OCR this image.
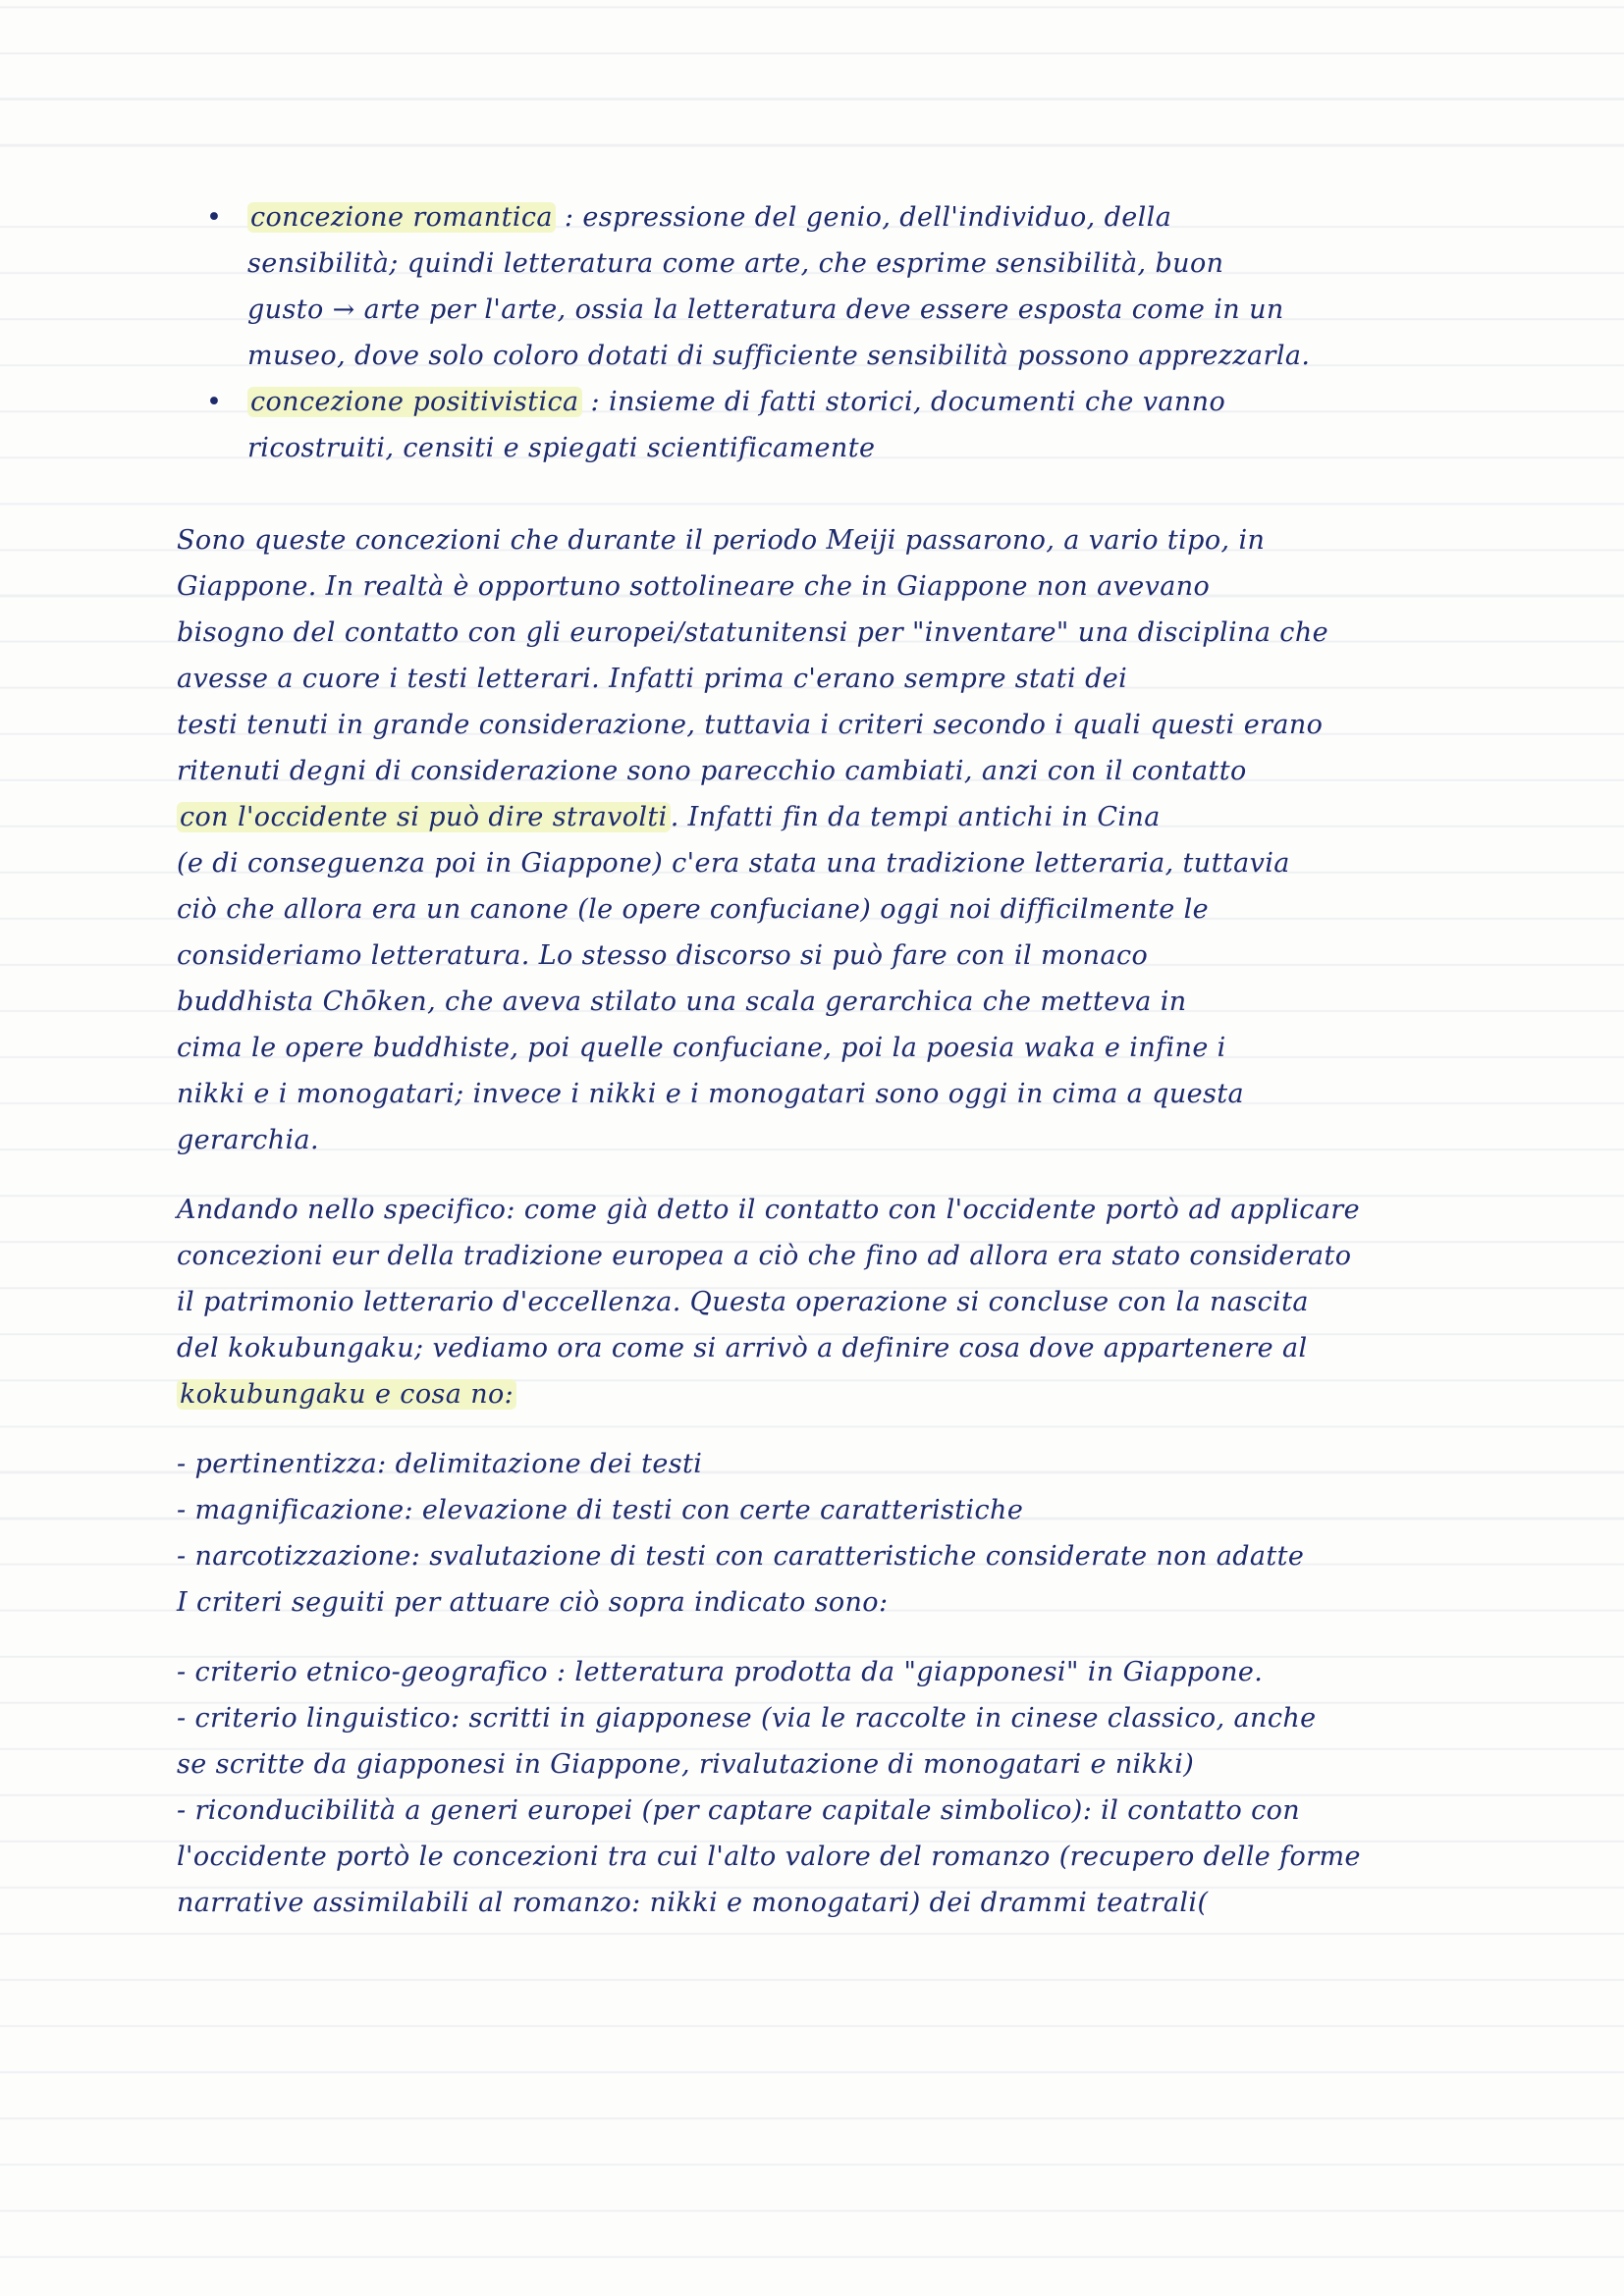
• concezione romantica : espressione del genio, dell'individuo, della
sensibilità; quindi letteratura come arte, che esprime sensibilità, buon
gusto → arte per l'arte, ossia la letteratura deve essere esposta come in un
museo, dove solo coloro dotati di sufficiente sensibilità possono apprezzarla.
• concezione positivistica : insieme di fatti storici, documenti che vanno
ricostruiti, censiti e spiegati scientificamente
Sono queste concezioni che durante il periodo Meiji passarono, a vario tipo, in
Giappone. In realtà è opportuno sottolineare che in Giappone non avevano
bisogno del contatto con gli europei/statunitensi per "inventare" una disciplina che
avesse a cuore i testi letterari. Infatti prima c'erano sempre stati dei
testi tenuti in grande considerazione, tuttavia i criteri secondo i quali questi erano
ritenuti degni di considerazione sono parecchio cambiati, anzi con il contatto
con l'occidente si può dire stravolti . Infatti fin da tempi antichi in Cina
(e di conseguenza poi in Giappone) c'era stata una tradizione letteraria, tuttavia
ciò che allora era un canone (le opere confuciane) oggi noi difficilmente le
consideriamo letteratura. Lo stesso discorso si può fare con il monaco
buddhista Chōken, che aveva stilato una scala gerarchica che metteva in
cima le opere buddhiste, poi quelle confuciane, poi la poesia waka e infine i
nikki e i monogatari; invece i nikki e i monogatari sono oggi in cima a questa
gerarchia.
Andando nello specifico: come già detto il contatto con l'occidente portò ad applicare
concezioni eur della tradizione europea a ciò che fino ad allora era stato considerato
il patrimonio letterario d'eccellenza. Questa operazione si concluse con la nascita
del kokubungaku; vediamo ora come si arrivò a definire cosa dove appartenere al
kokubungaku e cosa no:
- pertinentizza: delimitazione dei testi
- magnificazione: elevazione di testi con certe caratteristiche
- narcotizzazione: svalutazione di testi con caratteristiche considerate non adatte
I criteri seguiti per attuare ciò sopra indicato sono:
- criterio etnico-geografico : letteratura prodotta da "giapponesi" in Giappone.
- criterio linguistico: scritti in giapponese (via le raccolte in cinese classico, anche
se scritte da giapponesi in Giappone, rivalutazione di monogatari e nikki)
- riconducibilità a generi europei (per captare capitale simbolico): il contatto con
l'occidente portò le concezioni tra cui l'alto valore del romanzo (recupero delle forme
narrative assimilabili al romanzo: nikki e monogatari) dei drammi teatrali(
